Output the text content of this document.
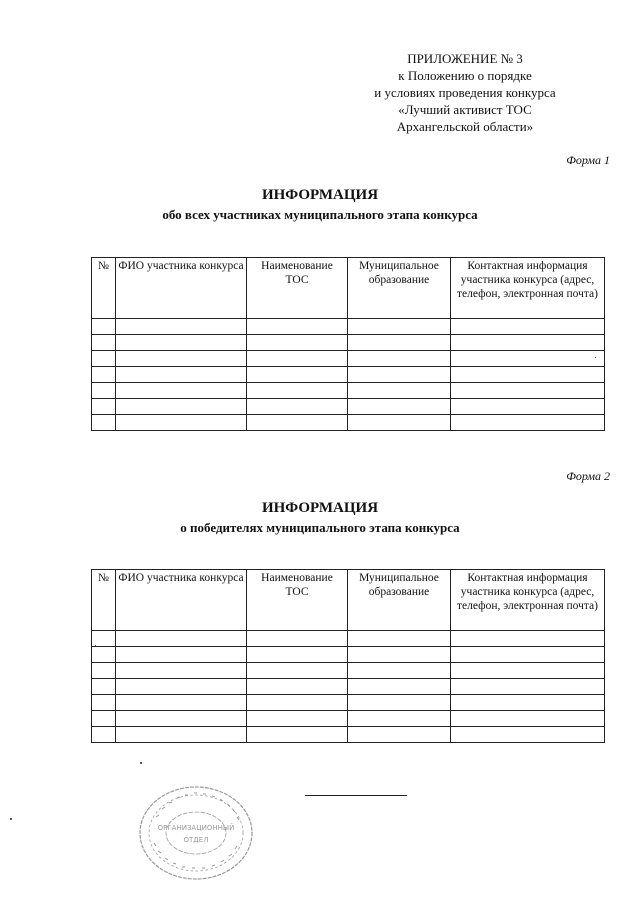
ПРИЛОЖЕНИЕ № 3
к Положению о порядке
и условиях проведения конкурса
«Лучший активист ТОС
Архангельской области»
Форма 1
ИНФОРМАЦИЯ
обо всех участниках муниципального этапа конкурса
№	ФИО участника конкурса	Наименование ТОС	Муниципальное образование	Контактная информация участника конкурса (адрес, телефон, электронная почта)

Форма 2
ИНФОРМАЦИЯ
о победителях муниципального этапа конкурса
№	ФИО участника конкурса	Наименование ТОС	Муниципальное образование	Контактная информация участника конкурса (адрес, телефон, электронная почта)

ОРГАНИЗАЦИОННЫЙ
ОТДЕЛ
